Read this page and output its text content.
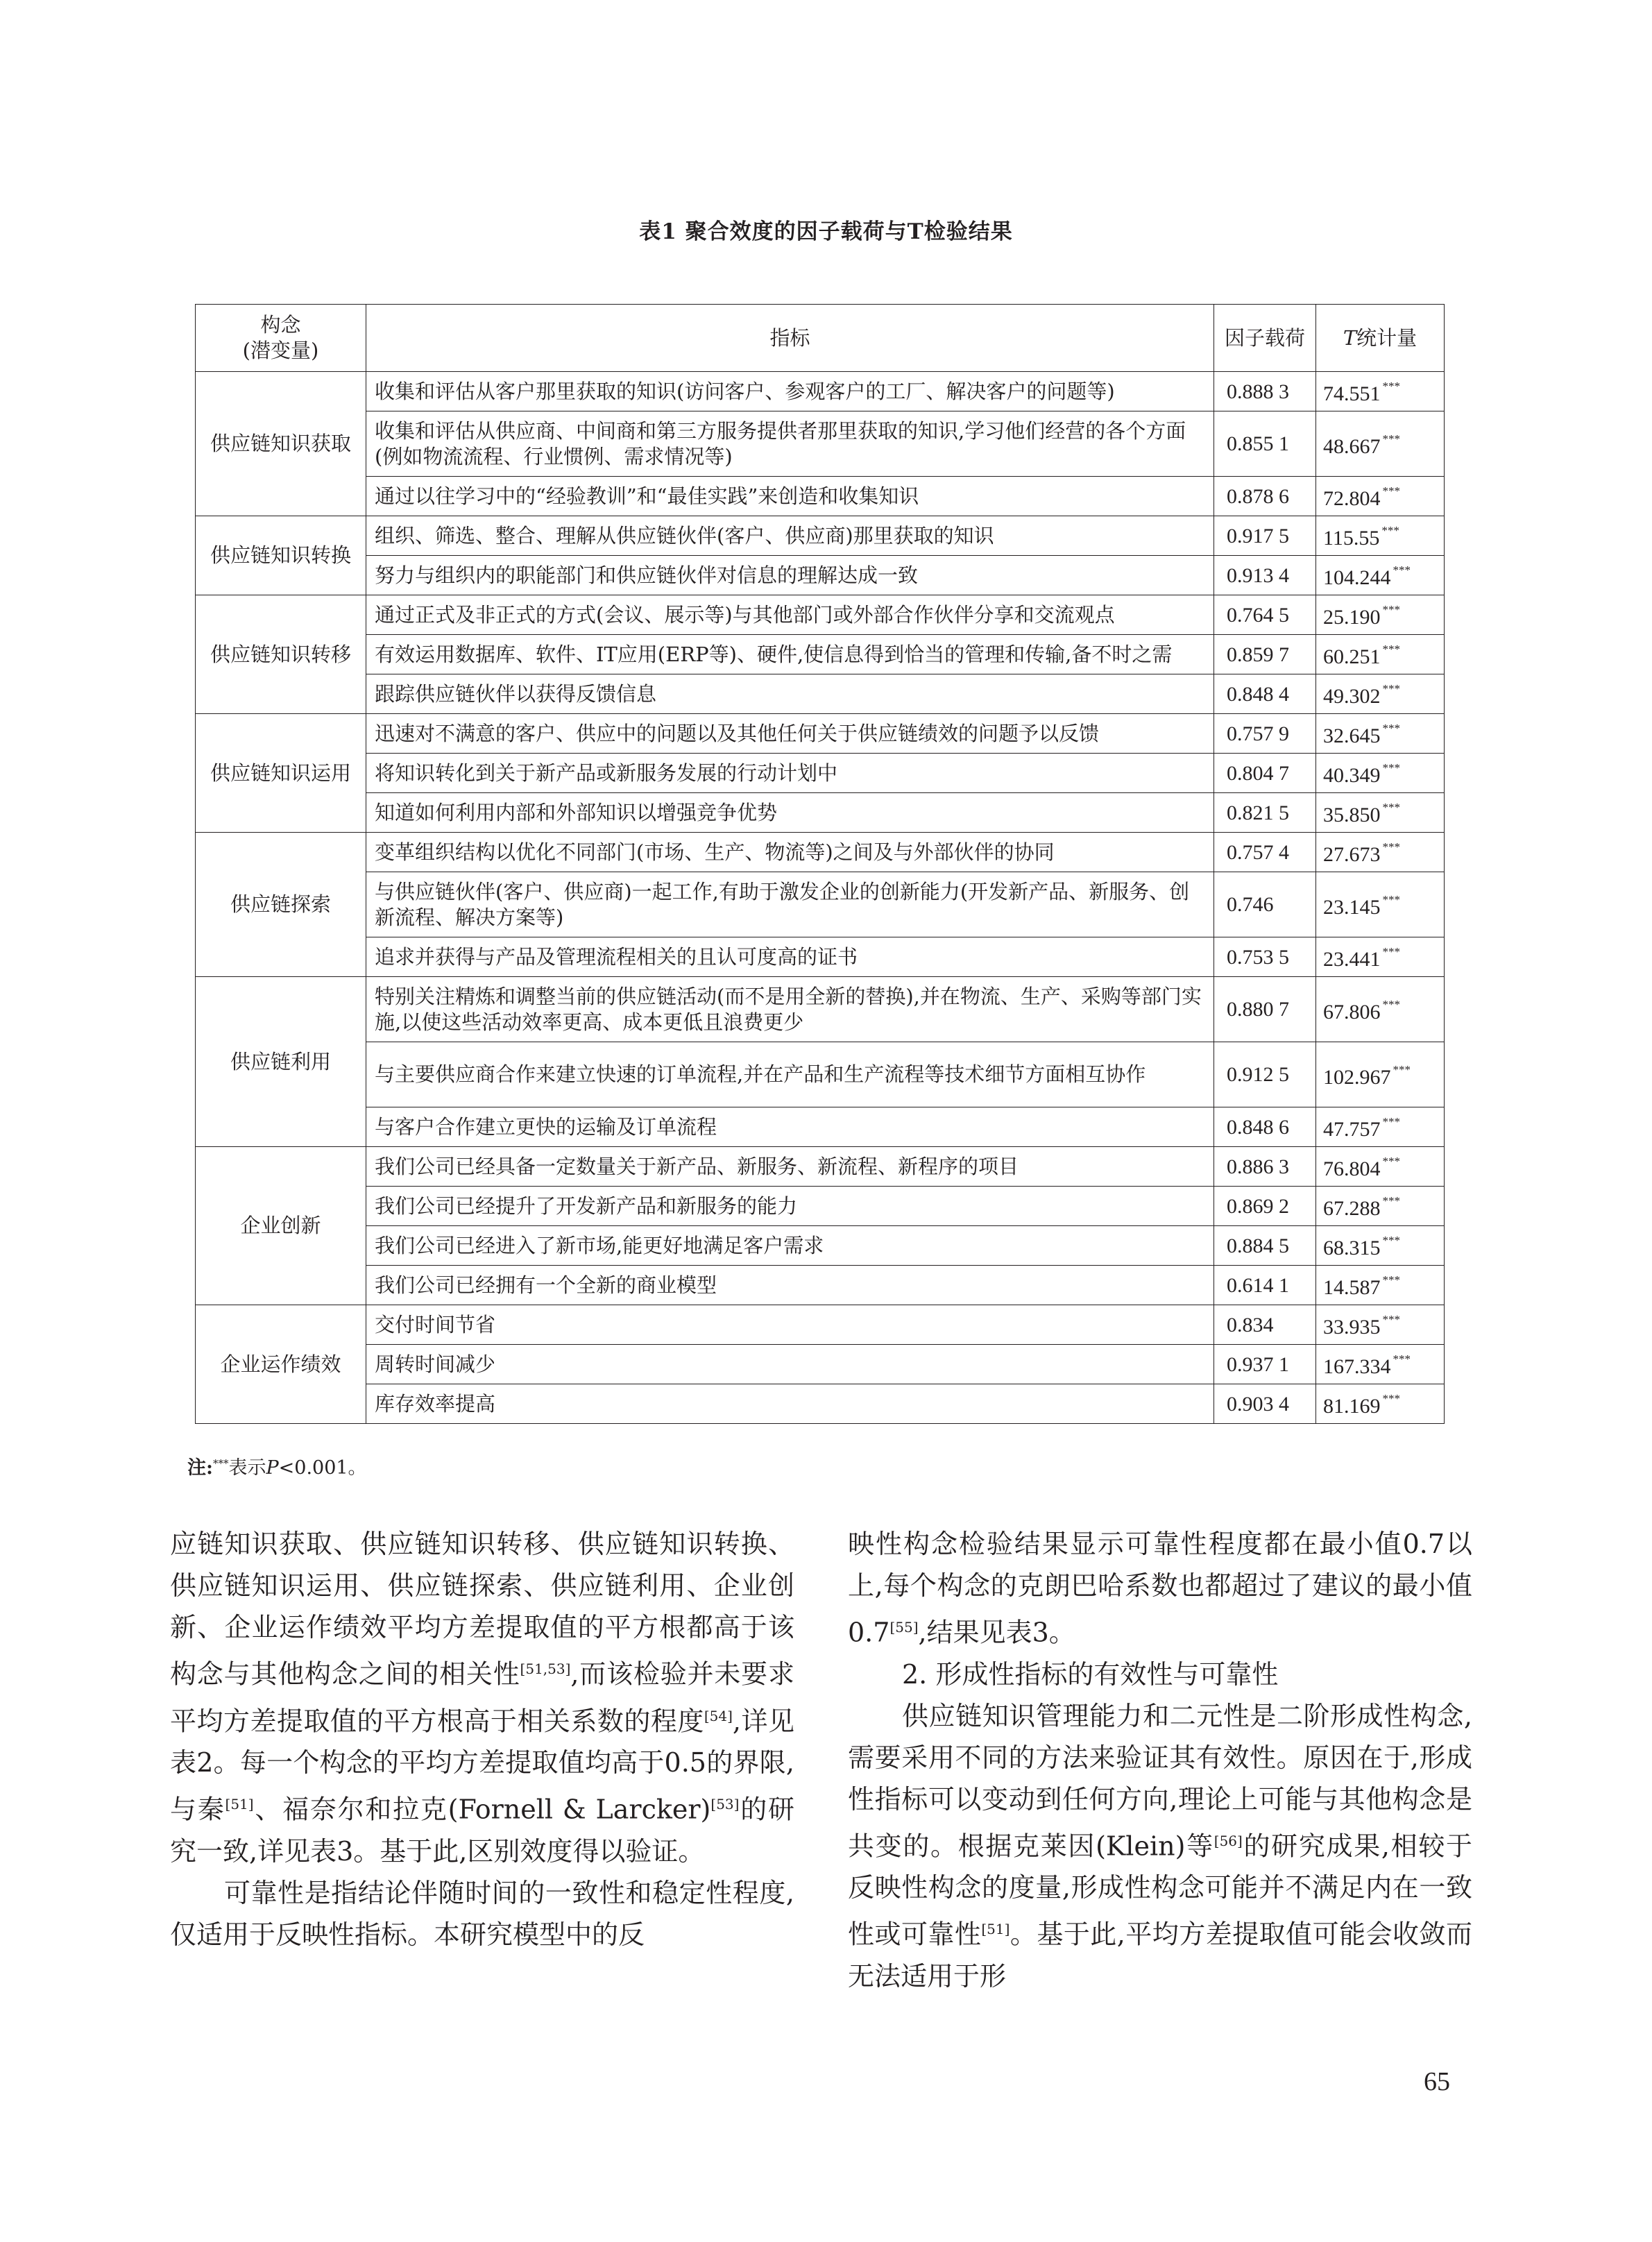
表1 聚合效度的因子载荷与T检验结果
构念
(潜变量)	指标	因子载荷	T统计量
供应链知识获取	收集和评估从客户那里获取的知识(访问客户、参观客户的工厂、解决客户的问题等)	0.888 3	74.551 ***
	收集和评估从供应商、中间商和第三方服务提供者那里获取的知识,学习他们经营的各个方面(例如物流流程、行业惯例、需求情况等)	0.855 1	48.667 ***
	通过以往学习中的“经验教训”和“最佳实践”来创造和收集知识	0.878 6	72.804 ***
供应链知识转换	组织、筛选、整合、理解从供应链伙伴(客户、供应商)那里获取的知识	0.917 5	115.55 ***
	努力与组织内的职能部门和供应链伙伴对信息的理解达成一致	0.913 4	104.244 ***
供应链知识转移	通过正式及非正式的方式(会议、展示等)与其他部门或外部合作伙伴分享和交流观点	0.764 5	25.190 ***
	有效运用数据库、软件、IT应用(ERP等)、硬件,使信息得到恰当的管理和传输,备不时之需	0.859 7	60.251 ***
	跟踪供应链伙伴以获得反馈信息	0.848 4	49.302 ***
供应链知识运用	迅速对不满意的客户、供应中的问题以及其他任何关于供应链绩效的问题予以反馈	0.757 9	32.645 ***
	将知识转化到关于新产品或新服务发展的行动计划中	0.804 7	40.349 ***
	知道如何利用内部和外部知识以增强竞争优势	0.821 5	35.850 ***
供应链探索	变革组织结构以优化不同部门(市场、生产、物流等)之间及与外部伙伴的协同	0.757 4	27.673 ***
	与供应链伙伴(客户、供应商)一起工作,有助于激发企业的创新能力(开发新产品、新服务、创新流程、解决方案等)	0.746	23.145 ***
	追求并获得与产品及管理流程相关的且认可度高的证书	0.753 5	23.441 ***
供应链利用	特别关注精炼和调整当前的供应链活动(而不是用全新的替换),并在物流、生产、采购等部门实施,以使这些活动效率更高、成本更低且浪费更少	0.880 7	67.806 ***
	与主要供应商合作来建立快速的订单流程,并在产品和生产流程等技术细节方面相互协作	0.912 5	102.967 ***
	与客户合作建立更快的运输及订单流程	0.848 6	47.757 ***
企业创新	我们公司已经具备一定数量关于新产品、新服务、新流程、新程序的项目	0.886 3	76.804 ***
	我们公司已经提升了开发新产品和新服务的能力	0.869 2	67.288 ***
	我们公司已经进入了新市场,能更好地满足客户需求	0.884 5	68.315 ***
	我们公司已经拥有一个全新的商业模型	0.614 1	14.587 ***
企业运作绩效	交付时间节省	0.834	33.935 ***
	周转时间减少	0.937 1	167.334 ***
	库存效率提高	0.903 4	81.169 ***
注:***表示P<0.001。

应链知识获取、供应链知识转移、供应链知识转换、供应链知识运用、供应链探索、供应链利用、企业创新、企业运作绩效平均方差提取值的平方根都高于该构念与其他构念之间的相关性[51,53],而该检验并未要求平均方差提取值的平方根高于相关系数的程度[54],详见表2。每一个构念的平均方差提取值均高于0.5的界限,与秦[51]、福奈尔和拉克(Fornell & Larcker)[53]的研究一致,详见表3。基于此,区别效度得以验证。

可靠性是指结论伴随时间的一致性和稳定性程度,仅适用于反映性指标。本研究模型中的反

映性构念检验结果显示可靠性程度都在最小值0.7以上,每个构念的克朗巴哈系数也都超过了建议的最小值0.7[55],结果见表3。

2. 形成性指标的有效性与可靠性

供应链知识管理能力和二元性是二阶形成性构念,需要采用不同的方法来验证其有效性。原因在于,形成性指标可以变动到任何方向,理论上可能与其他构念是共变的。根据克莱因(Klein)等[56]的研究成果,相较于反映性构念的度量,形成性构念可能并不满足内在一致性或可靠性[51]。基于此,平均方差提取值可能会收敛而无法适用于形

65
